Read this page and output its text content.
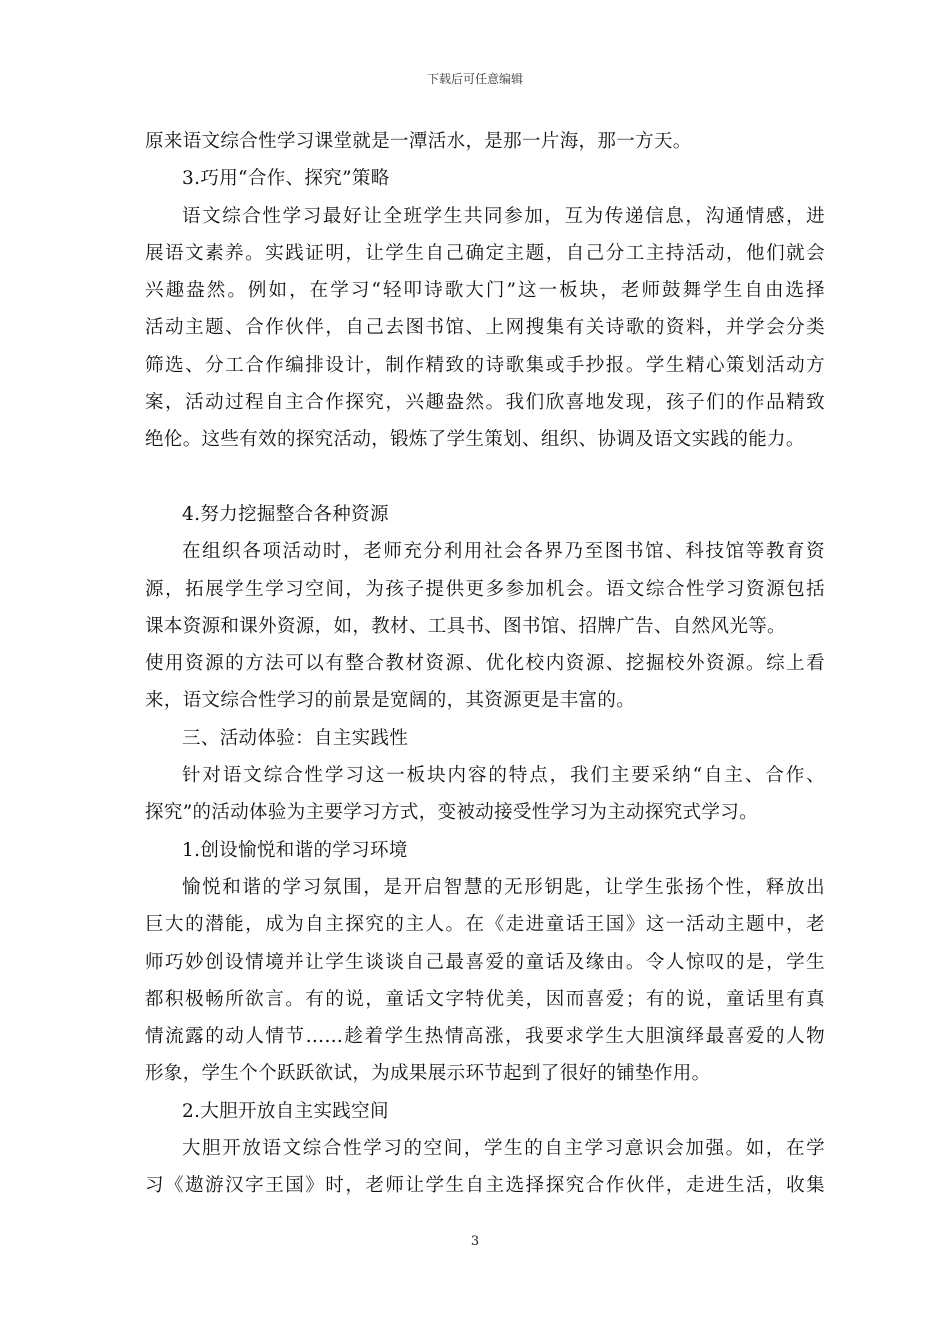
下载后可任意编辑
原来语文综合性学习课堂就是一潭活水，是那一片海，那一方天。
3.巧用“合作、探究”策略
语文综合性学习最好让全班学生共同参加，互为传递信息，沟通情感，进
展语文素养。实践证明，让学生自己确定主题，自己分工主持活动，他们就会
兴趣盎然。例如，在学习“轻叩诗歌大门”这一板块，老师鼓舞学生自由选择
活动主题、合作伙伴，自己去图书馆、上网搜集有关诗歌的资料，并学会分类
筛选、分工合作编排设计，制作精致的诗歌集或手抄报。学生精心策划活动方
案，活动过程自主合作探究，兴趣盎然。我们欣喜地发现，孩子们的作品精致
绝伦。这些有效的探究活动，锻炼了学生策划、组织、协调及语文实践的能力。
4.努力挖掘整合各种资源
在组织各项活动时，老师充分利用社会各界乃至图书馆、科技馆等教育资
源，拓展学生学习空间，为孩子提供更多参加机会。语文综合性学习资源包括
课本资源和课外资源，如，教材、工具书、图书馆、招牌广告、自然风光等。
使用资源的方法可以有整合教材资源、优化校内资源、挖掘校外资源。综上看
来，语文综合性学习的前景是宽阔的，其资源更是丰富的。
三、活动体验：自主实践性
针对语文综合性学习这一板块内容的特点，我们主要采纳“自主、合作、
探究”的活动体验为主要学习方式，变被动接受性学习为主动探究式学习。
1.创设愉悦和谐的学习环境
愉悦和谐的学习氛围，是开启智慧的无形钥匙，让学生张扬个性，释放出
巨大的潜能，成为自主探究的主人。在《走进童话王国》这一活动主题中，老
师巧妙创设情境并让学生谈谈自己最喜爱的童话及缘由。令人惊叹的是，学生
都积极畅所欲言。有的说，童话文字特优美，因而喜爱；有的说，童话里有真
情流露的动人情节……趁着学生热情高涨，我要求学生大胆演绎最喜爱的人物
形象，学生个个跃跃欲试，为成果展示环节起到了很好的铺垫作用。
2.大胆开放自主实践空间
大胆开放语文综合性学习的空间，学生的自主学习意识会加强。如，在学
习《遨游汉字王国》时，老师让学生自主选择探究合作伙伴，走进生活，收集
3
